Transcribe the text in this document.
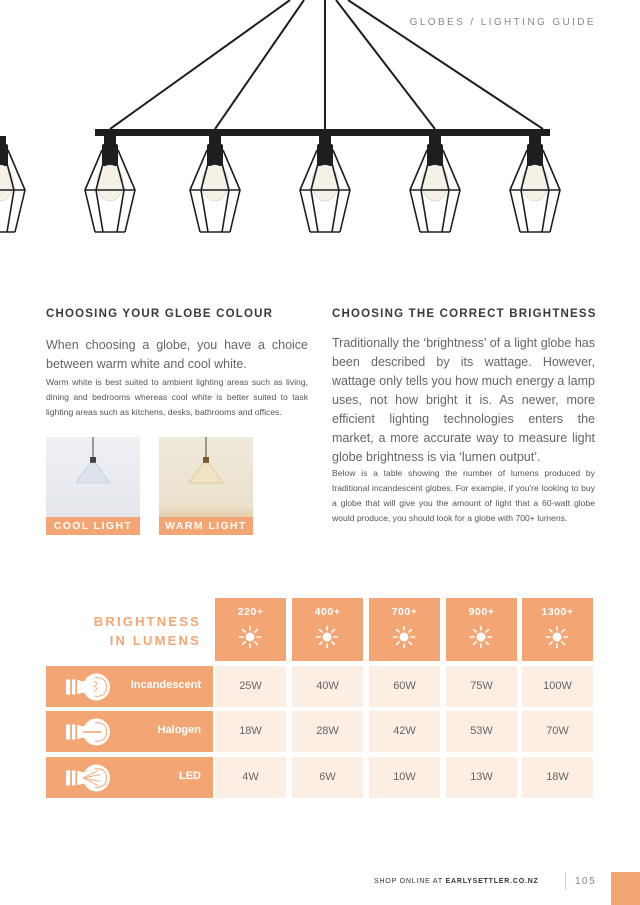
GLOBES / LIGHTING GUIDE
CHOOSING YOUR GLOBE COLOUR
When choosing a globe, you have a choice between warm white and cool white.
Warm white is best suited to ambient lighting areas such as living, dining and bedrooms whereas cool white is better suited to task lighting areas such as kitchens, desks, bathrooms and offices.
COOL LIGHT	WARM LIGHT
CHOOSING THE CORRECT BRIGHTNESS
Traditionally the ‘brightness’ of a light globe has been described by its wattage. However, wattage only tells you how much energy a lamp uses, not how bright it is. As newer, more efficient lighting technologies enters the market, a more accurate way to measure light globe brightness is via ‘lumen output’.
Below is a table showing the number of lumens produced by traditional incandescent globes. For example, if you're looking to buy a globe that will give you the amount of light that a 60-watt globe would produce, you should look for a globe with 700+ lumens.
BRIGHTNESS
IN LUMENS
220+	400+	700+	900+	1300+
Incandescent	25W	40W	60W	75W	100W
Halogen	18W	28W	42W	53W	70W
LED	4W	6W	10W	13W	18W
SHOP ONLINE AT EARLYSETTLER.CO.NZ	105
